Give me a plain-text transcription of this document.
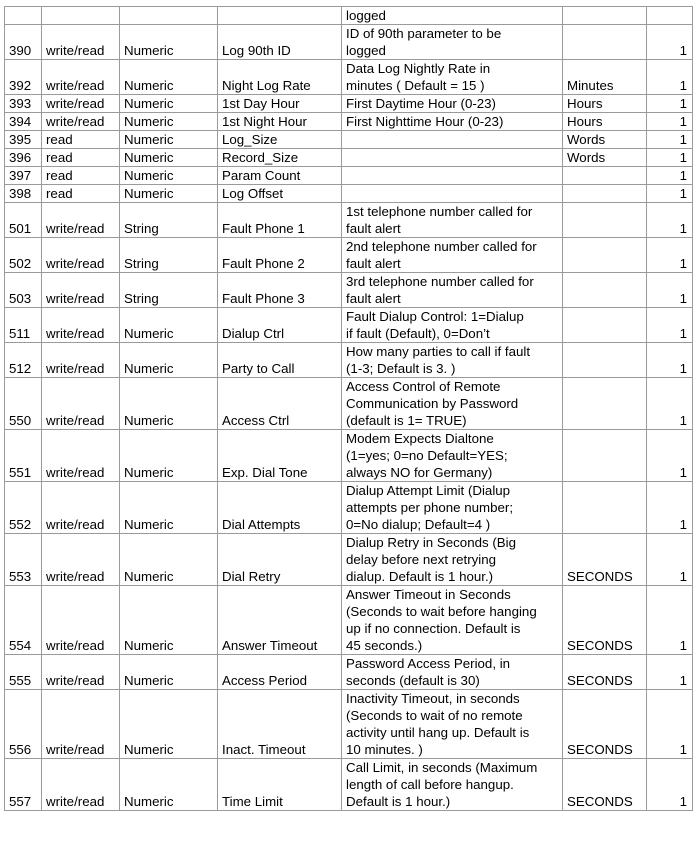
				logged		
390	write/read	Numeric	Log 90th ID	ID of 90th parameter to be
logged		1
392	write/read	Numeric	Night Log Rate	Data Log Nightly Rate in
minutes ( Default = 15 )	Minutes	1
393	write/read	Numeric	1st Day Hour	First Daytime Hour (0-23)	Hours	1
394	write/read	Numeric	1st Night Hour	First Nighttime Hour (0-23)	Hours	1
395	read	Numeric	Log_Size		Words	1
396	read	Numeric	Record_Size		Words	1
397	read	Numeric	Param Count			1
398	read	Numeric	Log Offset			1
501	write/read	String	Fault Phone 1	1st telephone number called for
fault alert		1
502	write/read	String	Fault Phone 2	2nd telephone number called for
fault alert		1
503	write/read	String	Fault Phone 3	3rd telephone number called for
fault alert		1
511	write/read	Numeric	Dialup Ctrl	Fault Dialup Control: 1=Dialup
if fault (Default), 0=Don’t		1
512	write/read	Numeric	Party to Call	How many parties to call if fault
(1-3; Default is 3. )		1
550	write/read	Numeric	Access Ctrl	Access Control of Remote
Communication by Password
(default is 1= TRUE)		1
551	write/read	Numeric	Exp. Dial Tone	Modem Expects Dialtone
(1=yes; 0=no Default=YES;
always NO for Germany)		1
552	write/read	Numeric	Dial Attempts	Dialup Attempt Limit (Dialup
attempts per phone number;
0=No dialup; Default=4 )		1
553	write/read	Numeric	Dial Retry	Dialup Retry in Seconds (Big
delay before next retrying
dialup. Default is 1 hour.)	SECONDS	1
554	write/read	Numeric	Answer Timeout	Answer Timeout in Seconds
(Seconds to wait before hanging
up if no connection. Default is
45 seconds.)	SECONDS	1
555	write/read	Numeric	Access Period	Password Access Period, in
seconds (default is 30)	SECONDS	1
556	write/read	Numeric	Inact. Timeout	Inactivity Timeout, in seconds
(Seconds to wait of no remote
activity until hang up. Default is
10 minutes. )	SECONDS	1
557	write/read	Numeric	Time Limit	Call Limit, in seconds (Maximum
length of call before hangup.
Default is 1 hour.)	SECONDS	1
